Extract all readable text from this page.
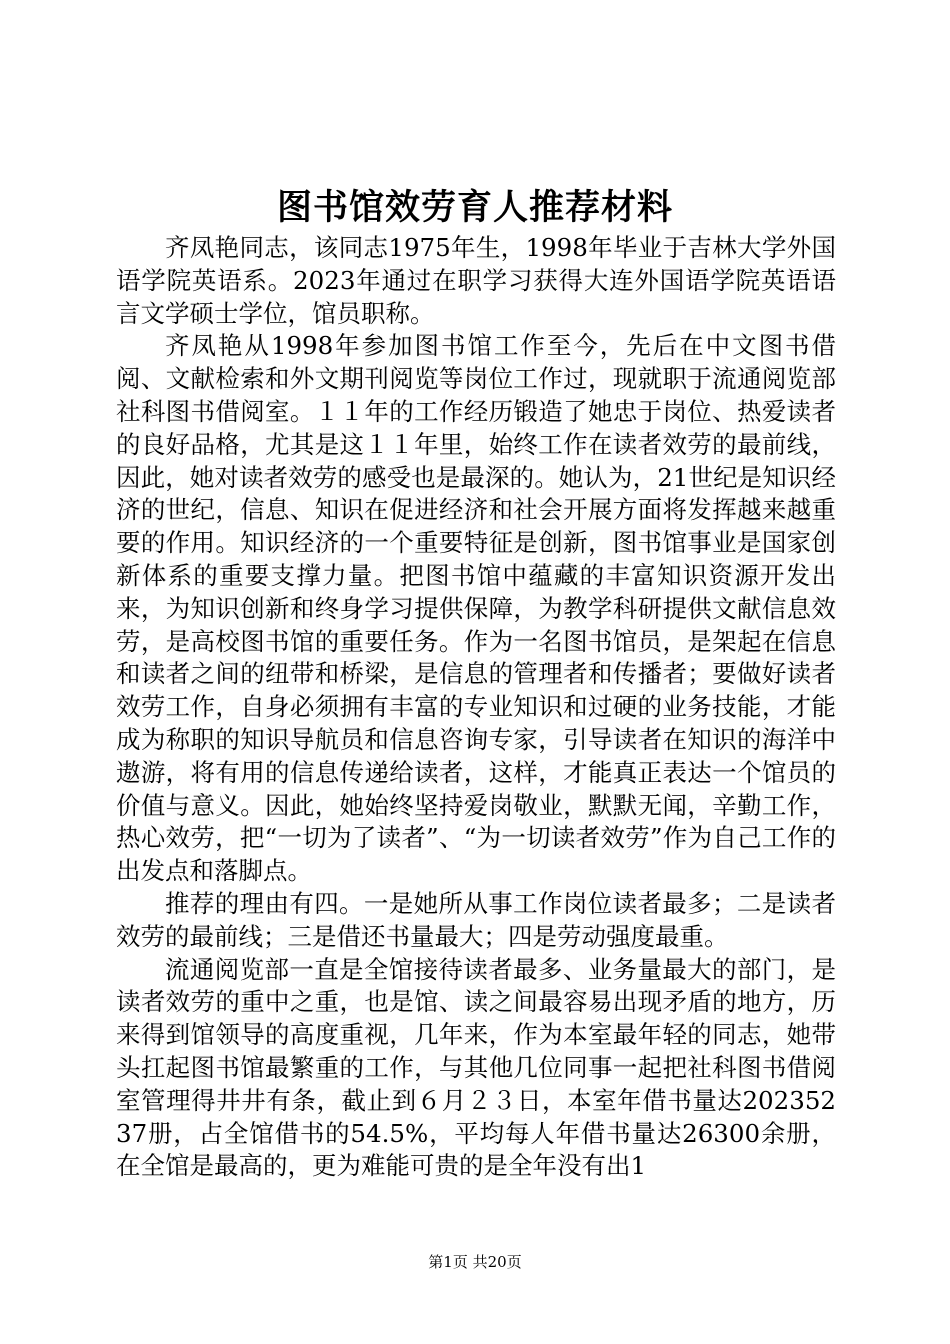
图书馆效劳育人推荐材料

齐凤艳同志，该同志1975年生，1998年毕业于吉林大学外国语学院英语系。2023年通过在职学习获得大连外国语学院英语语言文学硕士学位，馆员职称。

齐凤艳从1998年参加图书馆工作至今，先后在中文图书借阅、文献检索和外文期刊阅览等岗位工作过，现就职于流通阅览部社科图书借阅室。１１年的工作经历锻造了她忠于岗位、热爱读者的良好品格，尤其是这１１年里，始终工作在读者效劳的最前线，因此，她对读者效劳的感受也是最深的。她认为，21世纪是知识经济的世纪，信息、知识在促进经济和社会开展方面将发挥越来越重要的作用。知识经济的一个重要特征是创新，图书馆事业是国家创新体系的重要支撑力量。把图书馆中蕴藏的丰富知识资源开发出来，为知识创新和终身学习提供保障，为教学科研提供文献信息效劳，是高校图书馆的重要任务。作为一名图书馆员，是架起在信息和读者之间的纽带和桥梁，是信息的管理者和传播者；要做好读者效劳工作，自身必须拥有丰富的专业知识和过硬的业务技能，才能成为称职的知识导航员和信息咨询专家，引导读者在知识的海洋中遨游，将有用的信息传递给读者，这样，才能真正表达一个馆员的价值与意义。因此，她始终坚持爱岗敬业，默默无闻，辛勤工作，热心效劳，把“一切为了读者”、“为一切读者效劳”作为自己工作的出发点和落脚点。

推荐的理由有四。一是她所从事工作岗位读者最多；二是读者效劳的最前线；三是借还书量最大；四是劳动强度最重。

流通阅览部一直是全馆接待读者最多、业务量最大的部门，是读者效劳的重中之重，也是馆、读之间最容易出现矛盾的地方，历来得到馆领导的高度重视，几年来，作为本室最年轻的同志，她带头扛起图书馆最繁重的工作，与其他几位同事一起把社科图书借阅室管理得井井有条，截止到６月２３日，本室年借书量达20235237册，占全馆借书的54.5%，平均每人年借书量达26300余册，在全馆是最高的，更为难能可贵的是全年没有出1

第1页 共20页
